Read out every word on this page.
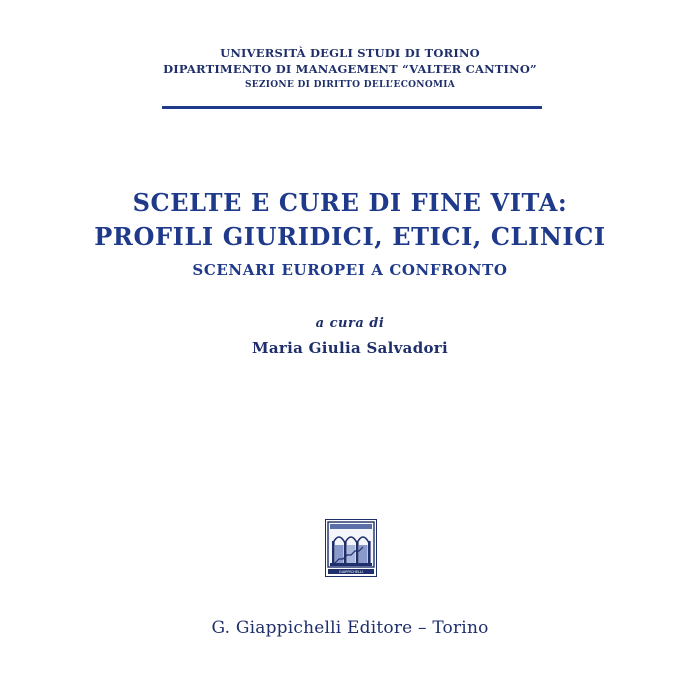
UNIVERSITÀ DEGLI STUDI DI TORINO
DIPARTIMENTO DI MANAGEMENT “VALTER CANTINO”
SEZIONE DI DIRITTO DELL’ECONOMIA
SCELTE E CURE DI FINE VITA:
PROFILI GIURIDICI, ETICI, CLINICI
SCENARI EUROPEI A CONFRONTO
a cura di
Maria Giulia Salvadori
GIAPPICHELLI
G. Giappichelli Editore – Torino
